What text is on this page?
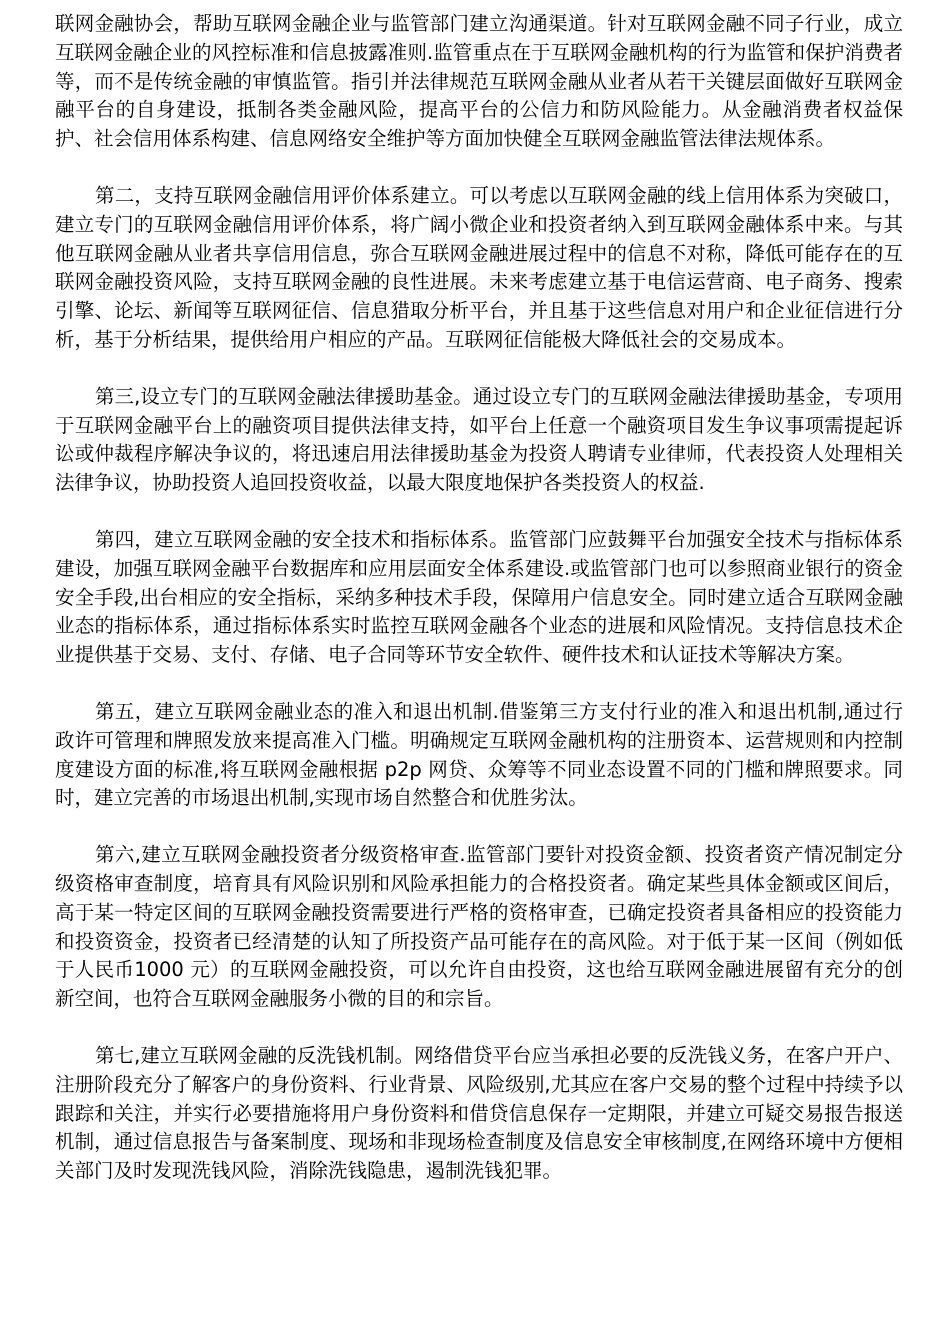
联网金融协会，帮助互联网金融企业与监管部门建立沟通渠道。针对互联网金融不同子行业，成立互联网金融企业的风控标准和信息披露准则.监管重点在于互联网金融机构的行为监管和保护消费者等，而不是传统金融的审慎监管。指引并法律规范互联网金融从业者从若干关键层面做好互联网金融平台的自身建设，抵制各类金融风险，提高平台的公信力和防风险能力。从金融消费者权益保护、社会信用体系构建、信息网络安全维护等方面加快健全互联网金融监管法律法规体系。

第二，支持互联网金融信用评价体系建立。可以考虑以互联网金融的线上信用体系为突破口，建立专门的互联网金融信用评价体系，将广阔小微企业和投资者纳入到互联网金融体系中来。与其他互联网金融从业者共享信用信息，弥合互联网金融进展过程中的信息不对称，降低可能存在的互联网金融投资风险，支持互联网金融的良性进展。未来考虑建立基于电信运营商、电子商务、搜索引擎、论坛、新闻等互联网征信、信息猎取分析平台，并且基于这些信息对用户和企业征信进行分析，基于分析结果，提供给用户相应的产品。互联网征信能极大降低社会的交易成本。

第三,设立专门的互联网金融法律援助基金。通过设立专门的互联网金融法律援助基金，专项用于互联网金融平台上的融资项目提供法律支持，如平台上任意一个融资项目发生争议事项需提起诉讼或仲裁程序解决争议的，将迅速启用法律援助基金为投资人聘请专业律师，代表投资人处理相关法律争议，协助投资人追回投资收益，以最大限度地保护各类投资人的权益.

第四，建立互联网金融的安全技术和指标体系。监管部门应鼓舞平台加强安全技术与指标体系建设，加强互联网金融平台数据库和应用层面安全体系建设.或监管部门也可以参照商业银行的资金安全手段,出台相应的安全指标，采纳多种技术手段，保障用户信息安全。同时建立适合互联网金融业态的指标体系，通过指标体系实时监控互联网金融各个业态的进展和风险情况。支持信息技术企业提供基于交易、支付、存储、电子合同等环节安全软件、硬件技术和认证技术等解决方案。

第五，建立互联网金融业态的准入和退出机制.借鉴第三方支付行业的准入和退出机制,通过行政许可管理和牌照发放来提高准入门槛。明确规定互联网金融机构的注册资本、运营规则和内控制度建设方面的标准,将互联网金融根据 p2p 网贷、众筹等不同业态设置不同的门槛和牌照要求。同时，建立完善的市场退出机制,实现市场自然整合和优胜劣汰。

第六,建立互联网金融投资者分级资格审查.监管部门要针对投资金额、投资者资产情况制定分级资格审查制度，培育具有风险识别和风险承担能力的合格投资者。确定某些具体金额或区间后，高于某一特定区间的互联网金融投资需要进行严格的资格审查，已确定投资者具备相应的投资能力和投资资金，投资者已经清楚的认知了所投资产品可能存在的高风险。对于低于某一区间（例如低于人民币1000 元）的互联网金融投资，可以允许自由投资，这也给互联网金融进展留有充分的创新空间，也符合互联网金融服务小微的目的和宗旨。

第七,建立互联网金融的反洗钱机制。网络借贷平台应当承担必要的反洗钱义务，在客户开户、注册阶段充分了解客户的身份资料、行业背景、风险级别,尤其应在客户交易的整个过程中持续予以跟踪和关注，并实行必要措施将用户身份资料和借贷信息保存一定期限，并建立可疑交易报告报送机制，通过信息报告与备案制度、现场和非现场检查制度及信息安全审核制度,在网络环境中方便相关部门及时发现洗钱风险，消除洗钱隐患，遏制洗钱犯罪。
